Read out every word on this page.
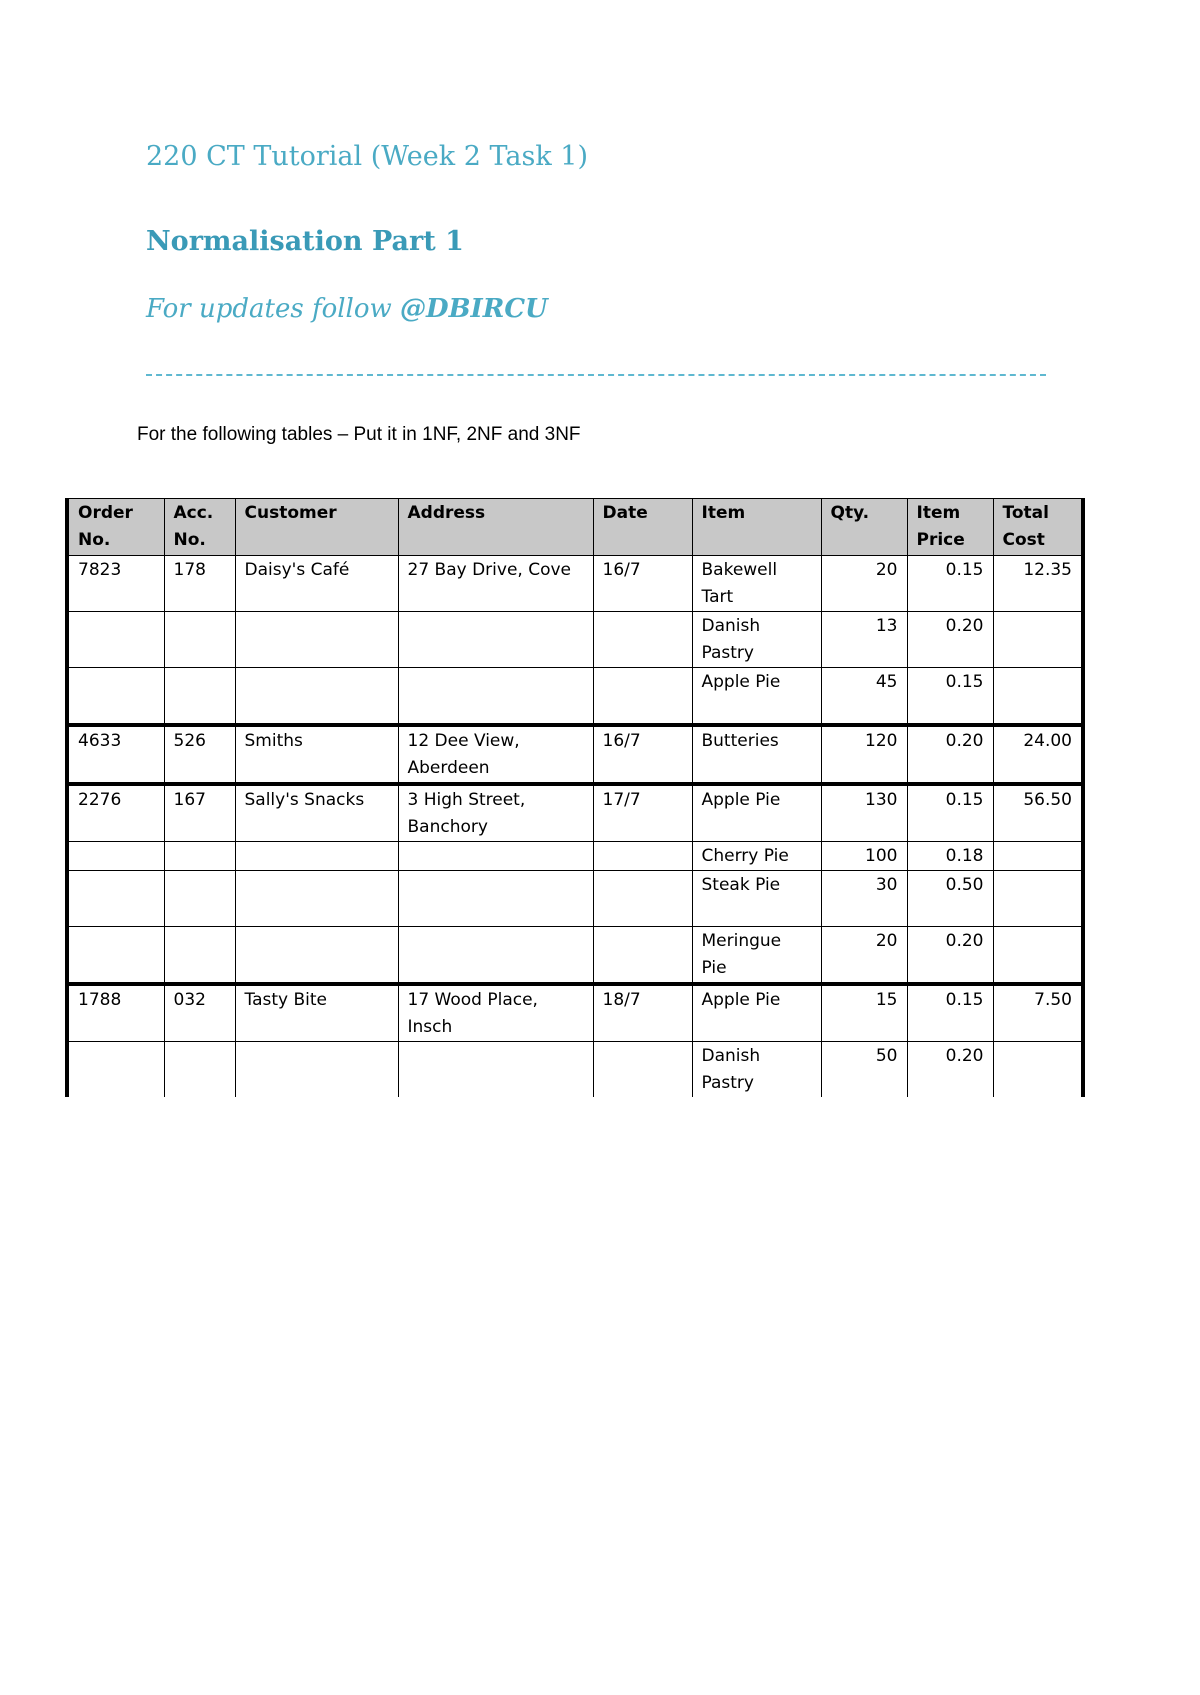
220 CT Tutorial (Week 2 Task 1)
Normalisation Part 1
For updates follow @DBIRCU
For the following tables – Put it in 1NF, 2NF and 3NF
Order No.	Acc. No.	Customer	Address	Date	Item	Qty.	Item Price	Total Cost
7823	178	Daisy's Café	27 Bay Drive, Cove	16/7	Bakewell Tart	20	0.15	12.35
					Danish Pastry	13	0.20	
					Apple Pie	45	0.15	
4633	526	Smiths	12 Dee View, Aberdeen	16/7	Butteries	120	0.20	24.00
2276	167	Sally's Snacks	3 High Street, Banchory	17/7	Apple Pie	130	0.15	56.50
					Cherry Pie	100	0.18	
					Steak Pie	30	0.50	
					Meringue Pie	20	0.20	
1788	032	Tasty Bite	17 Wood Place, Insch	18/7	Apple Pie	15	0.15	7.50
					Danish Pastry	50	0.20	
